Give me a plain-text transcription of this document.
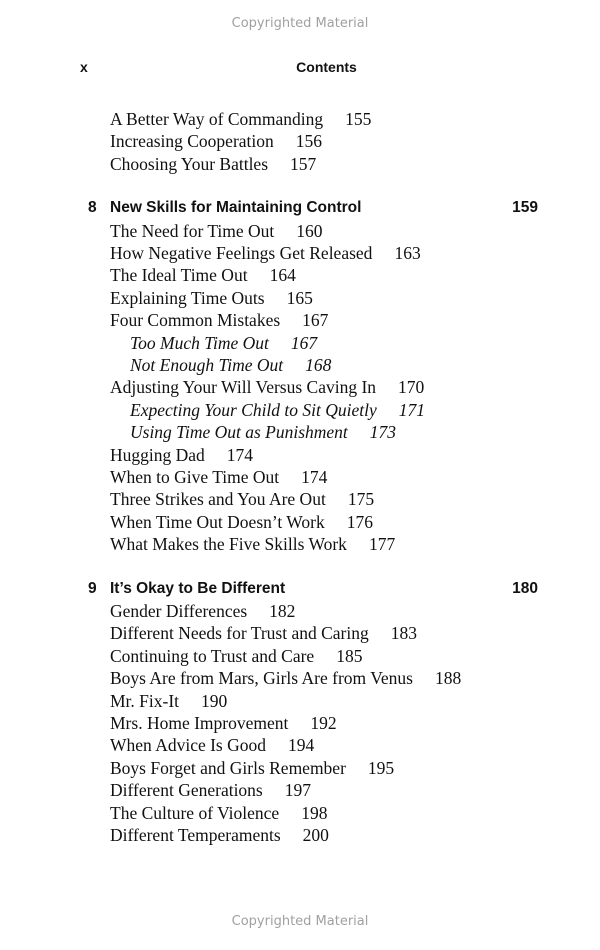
Copyrighted Material
x	Contents
A Better Way of Commanding 155
Increasing Cooperation 156
Choosing Your Battles 157
8 New Skills for Maintaining Control	159
The Need for Time Out 160
How Negative Feelings Get Released 163
The Ideal Time Out 164
Explaining Time Outs 165
Four Common Mistakes 167
Too Much Time Out 167
Not Enough Time Out 168
Adjusting Your Will Versus Caving In 170
Expecting Your Child to Sit Quietly 171
Using Time Out as Punishment 173
Hugging Dad 174
When to Give Time Out 174
Three Strikes and You Are Out 175
When Time Out Doesn’t Work 176
What Makes the Five Skills Work 177
9 It’s Okay to Be Different	180
Gender Differences 182
Different Needs for Trust and Caring 183
Continuing to Trust and Care 185
Boys Are from Mars, Girls Are from Venus 188
Mr. Fix-It 190
Mrs. Home Improvement 192
When Advice Is Good 194
Boys Forget and Girls Remember 195
Different Generations 197
The Culture of Violence 198
Different Temperaments 200
Copyrighted Material
